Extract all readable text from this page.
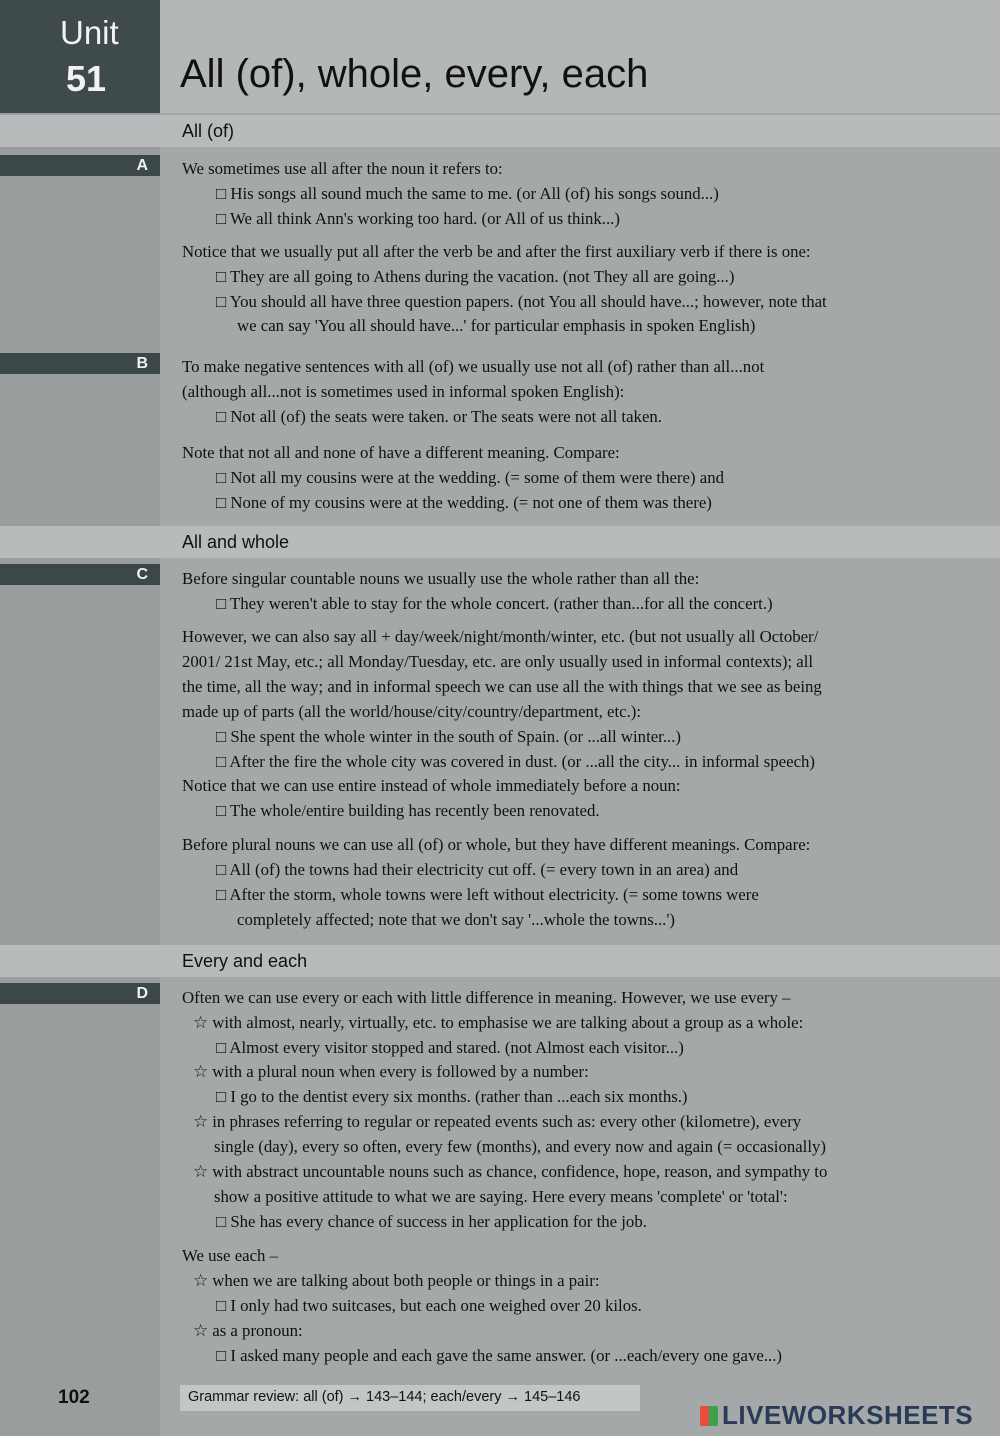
Unit
51 All (of), whole, every, each
All (of)
All and whole
Every and each
A
B
C
D
We sometimes use all after the noun it refers to:
□ His songs all sound much the same to me. (or All (of) his songs sound...)
□ We all think Ann's working too hard. (or All of us think...)
Notice that we usually put all after the verb be and after the first auxiliary verb if there is one:
□ They are all going to Athens during the vacation. (not They all are going...)
□ You should all have three question papers. (not You all should have...; however, note that
we can say 'You all should have...' for particular emphasis in spoken English)
To make negative sentences with all (of) we usually use not all (of) rather than all...not
(although all...not is sometimes used in informal spoken English):
□ Not all (of) the seats were taken. or The seats were not all taken.
Note that not all and none of have a different meaning. Compare:
□ Not all my cousins were at the wedding. (= some of them were there) and
□ None of my cousins were at the wedding. (= not one of them was there)
Before singular countable nouns we usually use the whole rather than all the:
□ They weren't able to stay for the whole concert. (rather than...for all the concert.)
However, we can also say all + day/week/night/month/winter, etc. (but not usually all October/
2001/ 21st May, etc.; all Monday/Tuesday, etc. are only usually used in informal contexts); all
the time, all the way; and in informal speech we can use all the with things that we see as being
made up of parts (all the world/house/city/country/department, etc.):
□ She spent the whole winter in the south of Spain. (or ...all winter...)
□ After the fire the whole city was covered in dust. (or ...all the city... in informal speech)
Notice that we can use entire instead of whole immediately before a noun:
□ The whole/entire building has recently been renovated.
Before plural nouns we can use all (of) or whole, but they have different meanings. Compare:
□ All (of) the towns had their electricity cut off. (= every town in an area) and
□ After the storm, whole towns were left without electricity. (= some towns were
completely affected; note that we don't say '...whole the towns...')
Often we can use every or each with little difference in meaning. However, we use every –
☆ with almost, nearly, virtually, etc. to emphasise we are talking about a group as a whole:
□ Almost every visitor stopped and stared. (not Almost each visitor...)
☆ with a plural noun when every is followed by a number:
□ I go to the dentist every six months. (rather than ...each six months.)
☆ in phrases referring to regular or repeated events such as: every other (kilometre), every
single (day), every so often, every few (months), and every now and again (= occasionally)
☆ with abstract uncountable nouns such as chance, confidence, hope, reason, and sympathy to
show a positive attitude to what we are saying. Here every means 'complete' or 'total':
□ She has every chance of success in her application for the job.
We use each –
☆ when we are talking about both people or things in a pair:
□ I only had two suitcases, but each one weighed over 20 kilos.
☆ as a pronoun:
□ I asked many people and each gave the same answer. (or ...each/every one gave...)
102	Grammar review: all (of) → 143–144; each/every → 145–146
LIVEWORKSHEETS
